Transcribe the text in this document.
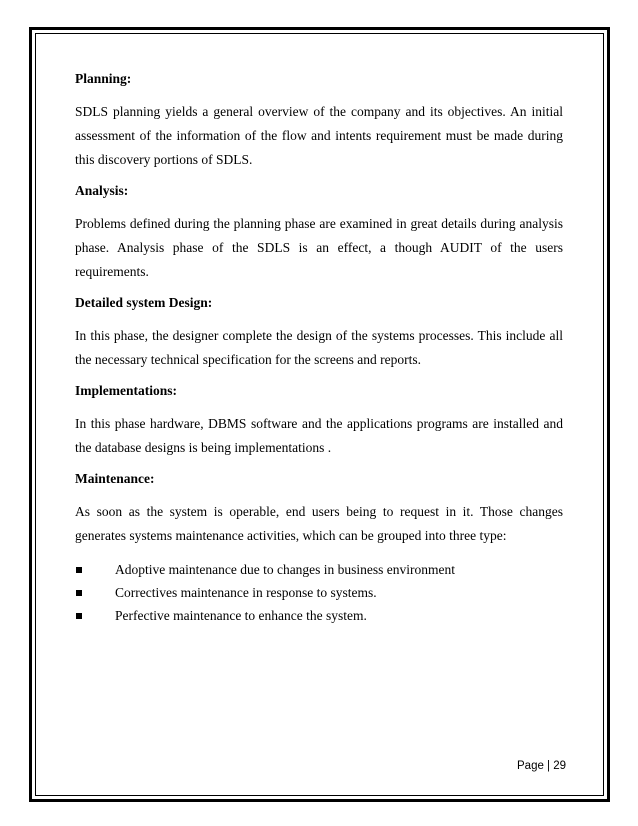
Planning:

SDLS planning yields a general overview of the company and its objectives. An initial assessment of the information of the flow and intents requirement must be made during this discovery portions of SDLS.

Analysis:

Problems defined during the planning phase are examined in great details during analysis phase. Analysis phase of the SDLS is an effect, a though AUDIT of the users requirements.

Detailed system Design:

In this phase, the designer complete the design of the systems processes. This include all the necessary technical specification for the screens and reports.

Implementations:

In this phase hardware, DBMS software and the applications programs are installed and the database designs is being implementations .

Maintenance:

As soon as the system is operable, end users being to request in it. Those changes generates systems maintenance activities, which can be grouped into three type:

Adoptive maintenance due to changes in business environment
Correctives maintenance in response to systems.
Perfective maintenance to enhance the system.
Page | 29
